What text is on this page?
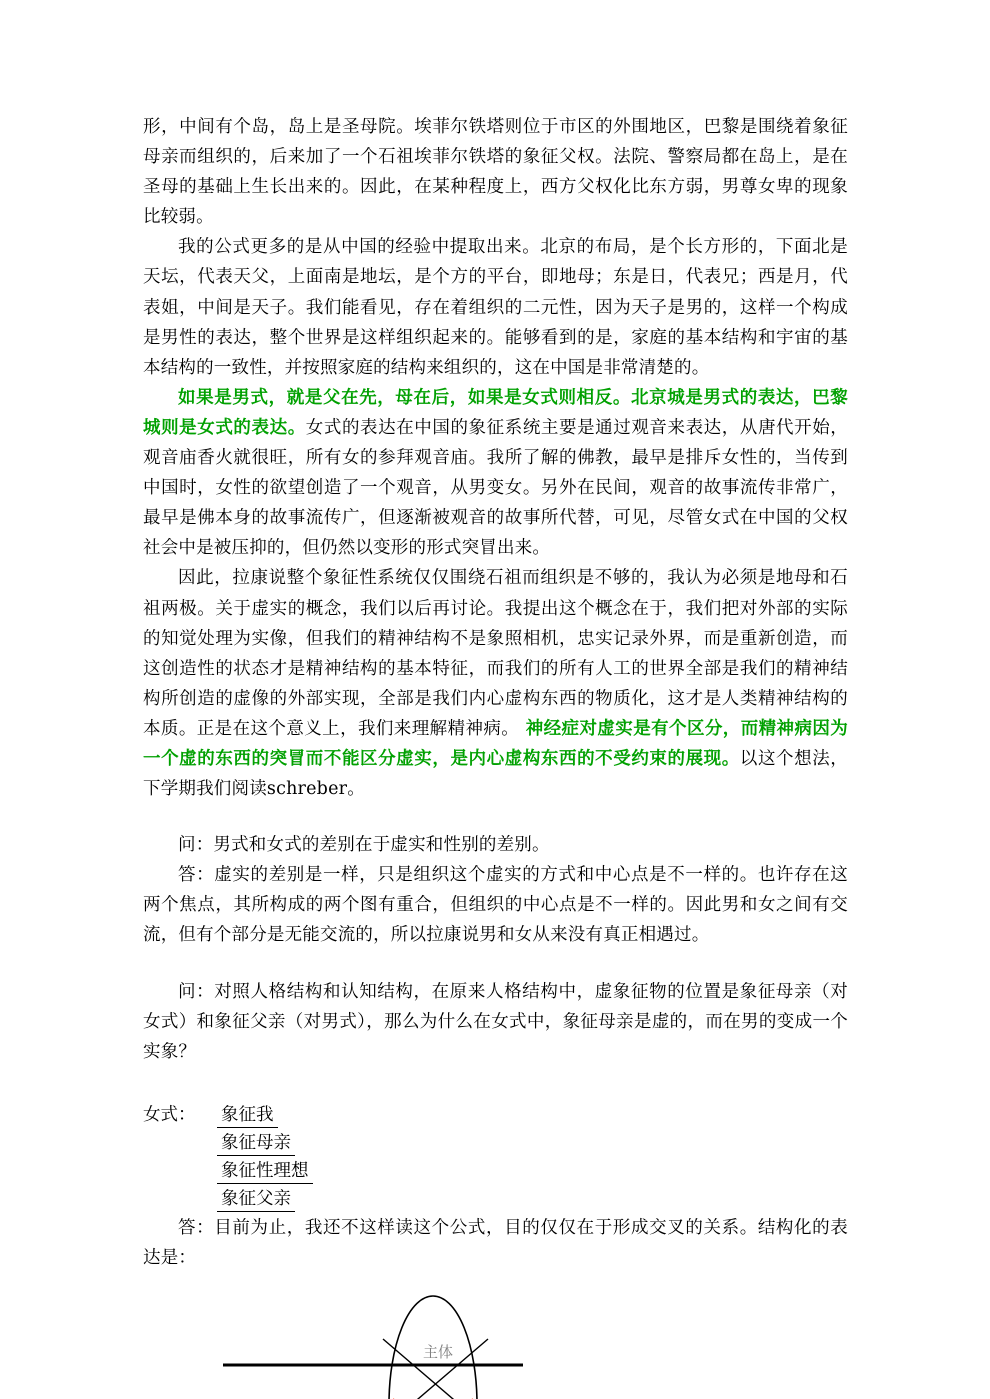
形，中间有个岛，岛上是圣母院。埃菲尔铁塔则位于市区的外围地区，巴黎是围绕着象征母亲而组织的，后来加了一个石祖埃菲尔铁塔的象征父权。法院、警察局都在岛上，是在圣母的基础上生长出来的。因此，在某种程度上，西方父权化比东方弱，男尊女卑的现象比较弱。

我的公式更多的是从中国的经验中提取出来。北京的布局，是个长方形的，下面北是天坛，代表天父，上面南是地坛，是个方的平台，即地母；东是日，代表兄；西是月，代表姐，中间是天子。我们能看见，存在着组织的二元性，因为天子是男的，这样一个构成是男性的表达，整个世界是这样组织起来的。能够看到的是，家庭的基本结构和宇宙的基本结构的一致性，并按照家庭的结构来组织的，这在中国是非常清楚的。

如果是男式，就是父在先，母在后，如果是女式则相反。北京城是男式的表达，巴黎城则是女式的表达。女式的表达在中国的象征系统主要是通过观音来表达，从唐代开始，观音庙香火就很旺，所有女的参拜观音庙。我所了解的佛教，最早是排斥女性的，当传到中国时，女性的欲望创造了一个观音，从男变女。另外在民间，观音的故事流传非常广，最早是佛本身的故事流传广，但逐渐被观音的故事所代替，可见，尽管女式在中国的父权社会中是被压抑的，但仍然以变形的形式突冒出来。

因此，拉康说整个象征性系统仅仅围绕石祖而组织是不够的，我认为必须是地母和石祖两极。关于虚实的概念，我们以后再讨论。我提出这个概念在于，我们把对外部的实际的知觉处理为实像，但我们的精神结构不是象照相机，忠实记录外界，而是重新创造，而这创造性的状态才是精神结构的基本特征，而我们的所有人工的世界全部是我们的精神结构所创造的虚像的外部实现，全部是我们内心虚构东西的物质化，这才是人类精神结构的本质。正是在这个意义上，我们来理解精神病。 神经症对虚实是有个区分，而精神病因为一个虚的东西的突冒而不能区分虚实，是内心虚构东西的不受约束的展现。以这个想法，下学期我们阅读schreber。

问：男式和女式的差别在于虚实和性别的差别。

答：虚实的差别是一样，只是组织这个虚实的方式和中心点是不一样的。也许存在这两个焦点，其所构成的两个图有重合，但组织的中心点是不一样的。因此男和女之间有交流，但有个部分是无能交流的，所以拉康说男和女从来没有真正相遇过。

问：对照人格结构和认知结构，在原来人格结构中，虚象征物的位置是象征母亲（对女式）和象征父亲（对男式），那么为什么在女式中，象征母亲是虚的，而在男的变成一个实象？

女式： 象征我
象征母亲
象征性理想
象征父亲

答：目前为止，我还不这样读这个公式，目的仅仅在于形成交叉的关系。结构化的表达是：

主体
